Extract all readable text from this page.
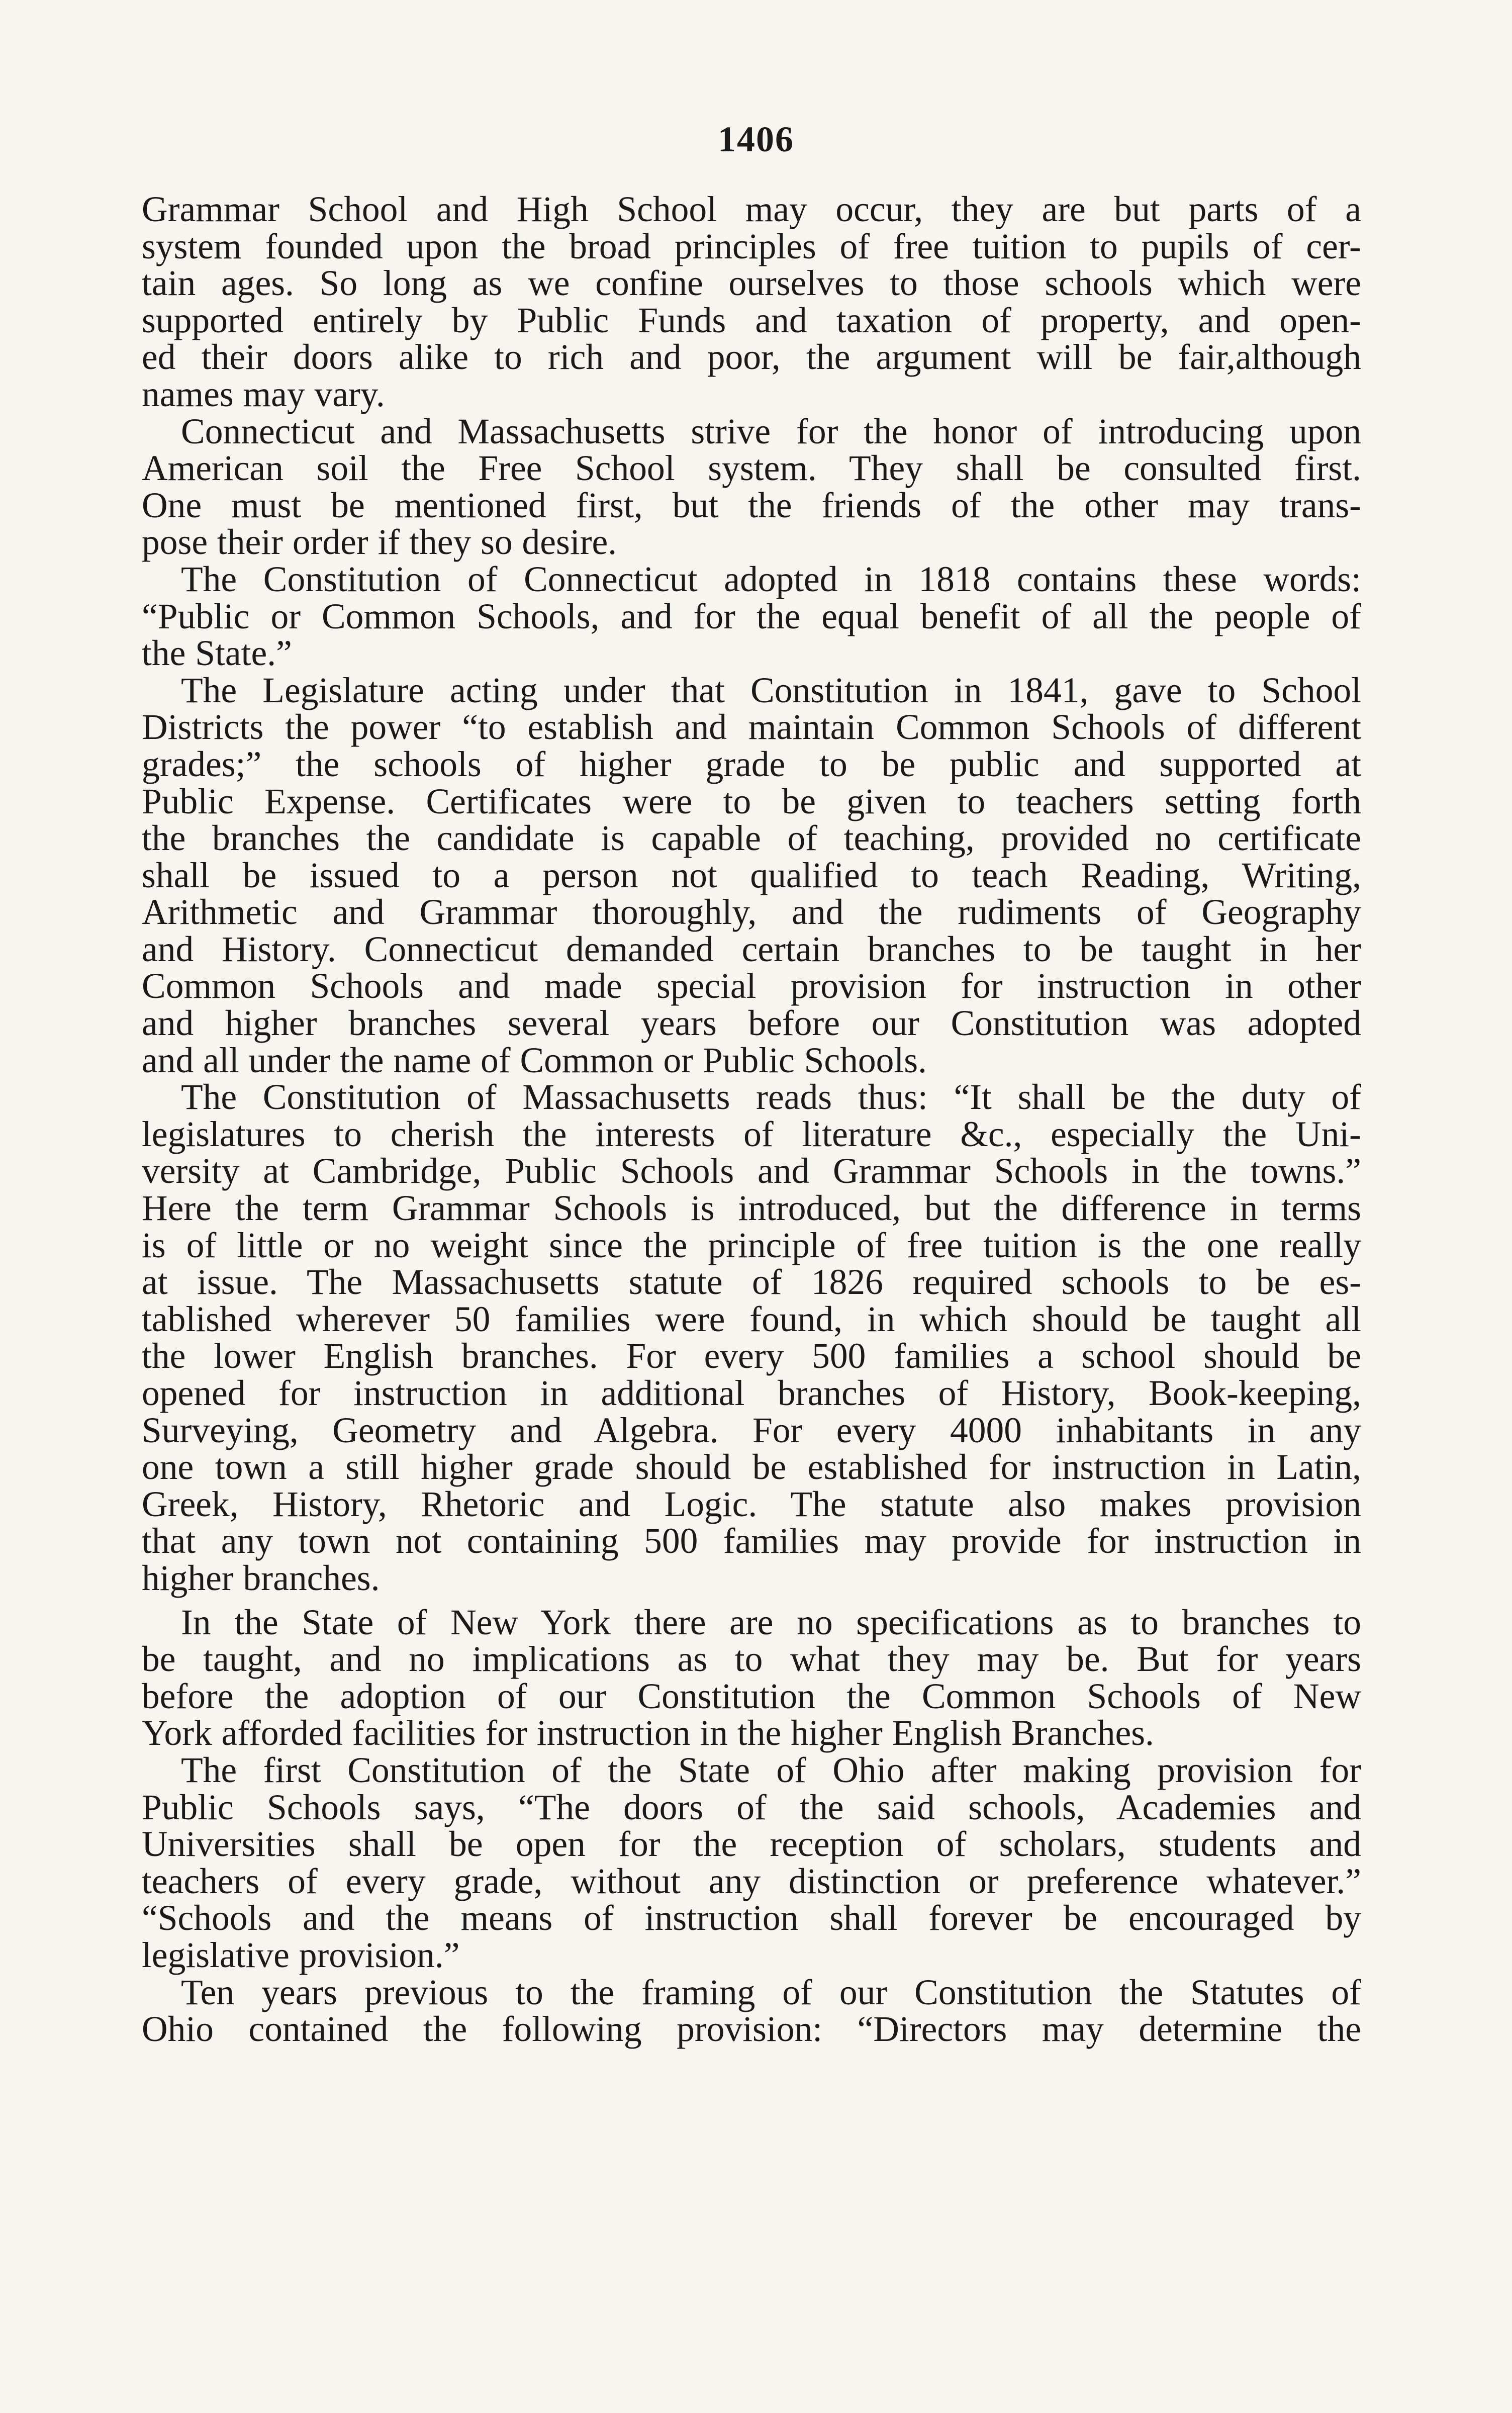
1406

Grammar School and High School may occur, they are but parts of a
system founded upon the broad principles of free tuition to pupils of cer-
tain ages. So long as we confine ourselves to those schools which were
supported entirely by Public Funds and taxation of property, and open-
ed their doors alike to rich and poor, the argument will be fair,although
names may vary.

Connecticut and Massachusetts strive for the honor of introducing upon
American soil the Free School system. They shall be consulted first.
One must be mentioned first, but the friends of the other may trans-
pose their order if they so desire.

The Constitution of Connecticut adopted in 1818 contains these words:
“Public or Common Schools, and for the equal benefit of all the people of
the State.”

The Legislature acting under that Constitution in 1841, gave to School
Districts the power “to establish and maintain Common Schools of different
grades;” the schools of higher grade to be public and supported at
Public Expense. Certificates were to be given to teachers setting forth
the branches the candidate is capable of teaching, provided no certificate
shall be issued to a person not qualified to teach Reading, Writing,
Arithmetic and Grammar thoroughly, and the rudiments of Geography
and History. Connecticut demanded certain branches to be taught in her
Common Schools and made special provision for instruction in other
and higher branches several years before our Constitution was adopted
and all under the name of Common or Public Schools.

The Constitution of Massachusetts reads thus: “It shall be the duty of
legislatures to cherish the interests of literature &c., especially the Uni-
versity at Cambridge, Public Schools and Grammar Schools in the towns.”
Here the term Grammar Schools is introduced, but the difference in terms
is of little or no weight since the principle of free tuition is the one really
at issue. The Massachusetts statute of 1826 required schools to be es-
tablished wherever 50 families were found, in which should be taught all
the lower English branches. For every 500 families a school should be
opened for instruction in additional branches of History, Book-keeping,
Surveying, Geometry and Algebra. For every 4000 inhabitants in any
one town a still higher grade should be established for instruction in Latin,
Greek, History, Rhetoric and Logic. The statute also makes provision
that any town not containing 500 families may provide for instruction in
higher branches.

In the State of New York there are no specifications as to branches to
be taught, and no implications as to what they may be. But for years
before the adoption of our Constitution the Common Schools of New
York afforded facilities for instruction in the higher English Branches.

The first Constitution of the State of Ohio after making provision for
Public Schools says, “The doors of the said schools, Academies and
Universities shall be open for the reception of scholars, students and
teachers of every grade, without any distinction or preference whatever.”
“Schools and the means of instruction shall forever be encouraged by
legislative provision.”

Ten years previous to the framing of our Constitution the Statutes of
Ohio contained the following provision: “Directors may determine the
